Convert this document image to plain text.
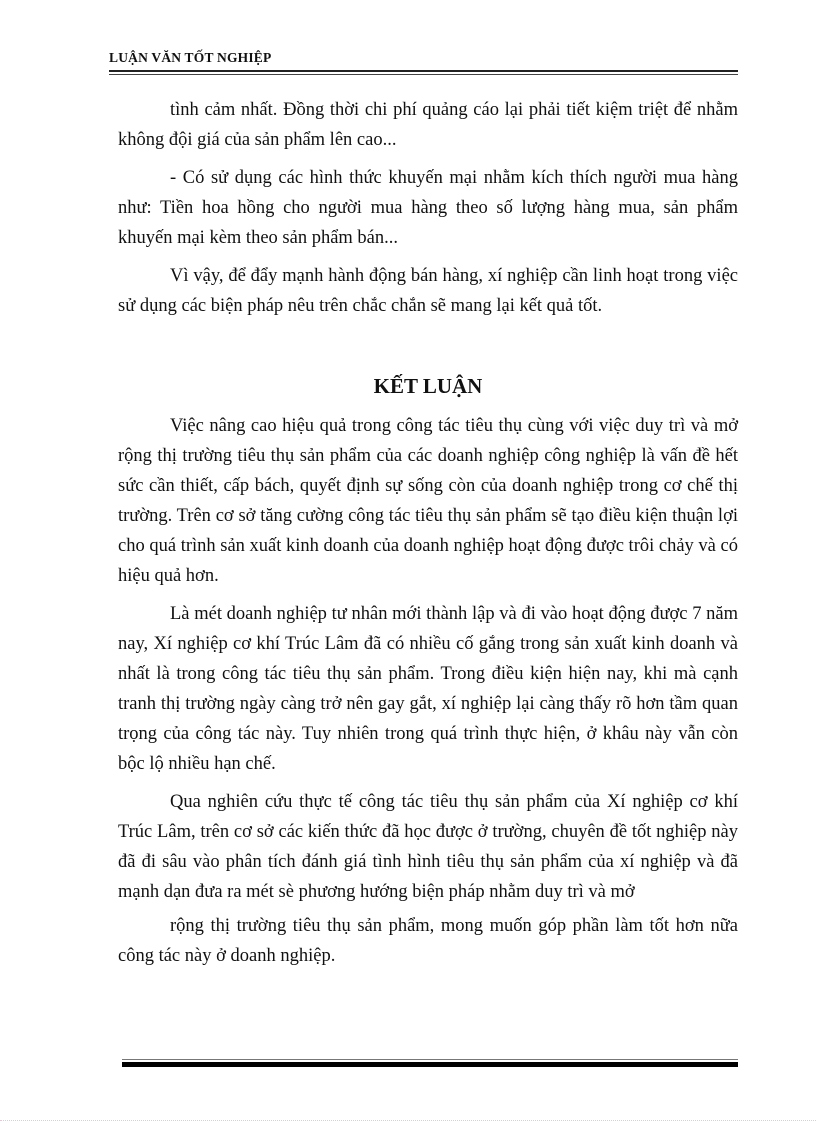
LUẬN VĂN TỐT NGHIỆP

tình cảm nhất. Đồng thời chi phí quảng cáo lại phải tiết kiệm triệt để nhằm không đội giá của sản phẩm lên cao...

- Có sử dụng các hình thức khuyến mại nhằm kích thích người mua hàng như: Tiền hoa hồng cho người mua hàng theo số lượng hàng mua, sản phẩm khuyến mại kèm theo sản phẩm bán...

Vì vậy, để đẩy mạnh hành động bán hàng, xí nghiệp cần linh hoạt trong việc sử dụng các biện pháp nêu trên chắc chắn sẽ mang lại kết quả tốt.

KẾT LUẬN

Việc nâng cao hiệu quả trong công tác tiêu thụ cùng với việc duy trì và mở rộng thị trường tiêu thụ sản phẩm của các doanh nghiệp công nghiệp là vấn đề hết sức cần thiết, cấp bách, quyết định sự sống còn của doanh nghiệp trong cơ chế thị trường. Trên cơ sở tăng cường công tác tiêu thụ sản phẩm sẽ tạo điều kiện thuận lợi cho quá trình sản xuất kinh doanh của doanh nghiệp hoạt động được trôi chảy và có hiệu quả hơn.

Là mét doanh nghiệp tư nhân mới thành lập và đi vào hoạt động được 7 năm nay, Xí nghiệp cơ khí Trúc Lâm đã có nhiều cố gắng trong sản xuất kinh doanh và nhất là trong công tác tiêu thụ sản phẩm. Trong điều kiện hiện nay, khi mà cạnh tranh thị trường ngày càng trở nên gay gắt, xí nghiệp lại càng thấy rõ hơn tầm quan trọng của công tác này. Tuy nhiên trong quá trình thực hiện, ở khâu này vẫn còn bộc lộ nhiều hạn chế.

Qua nghiên cứu thực tế công tác tiêu thụ sản phẩm của Xí nghiệp cơ khí Trúc Lâm, trên cơ sở các kiến thức đã học được ở trường, chuyên đề tốt nghiệp này đã đi sâu vào phân tích đánh giá tình hình tiêu thụ sản phẩm của xí nghiệp và đã mạnh dạn đưa ra mét sè phương hướng biện pháp nhằm duy trì và mở

rộng thị trường tiêu thụ sản phẩm, mong muốn góp phần làm tốt hơn nữa công tác này ở doanh nghiệp.
